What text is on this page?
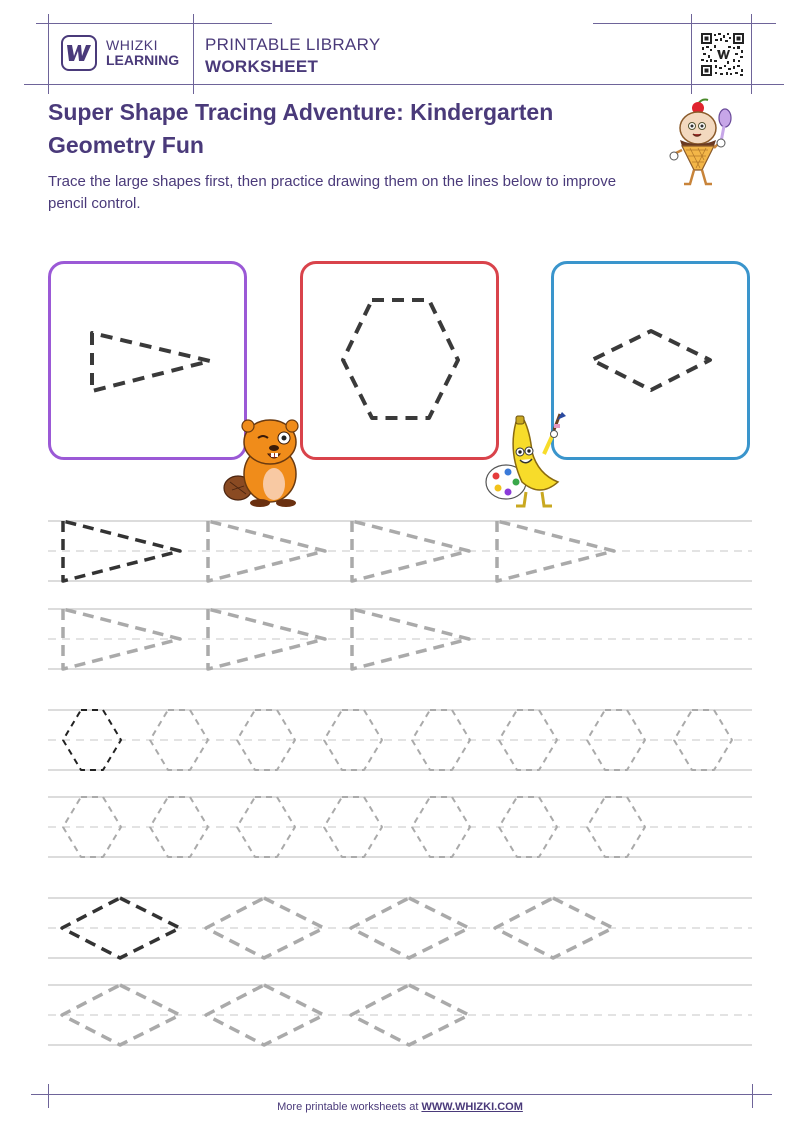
WHIZKI
LEARNING
PRINTABLE LIBRARY
WORKSHEET
Super Shape Tracing Adventure: Kindergarten Geometry Fun
Trace the large shapes first, then practice drawing them on the lines below to improve pencil control.
More printable worksheets at WWW.WHIZKI.COM
